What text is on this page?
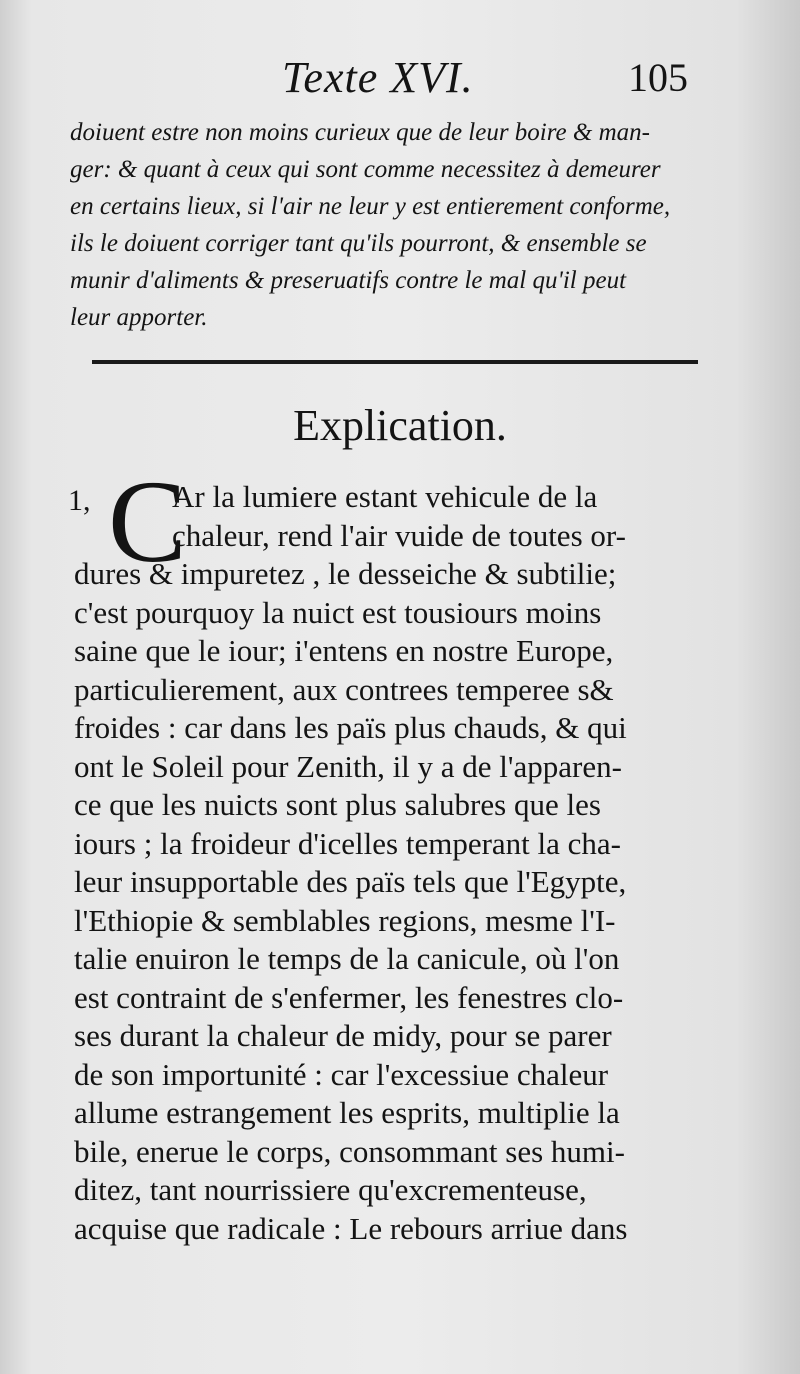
Texte XVI.	105
doiuent estre non moins curieux que de leur boire & man-
ger: & quant à ceux qui sont comme necessitez à demeurer
en certains lieux, si l'air ne leur y est entierement conforme,
ils le doiuent corriger tant qu'ils pourront, & ensemble se
munir d'aliments & preseruatifs contre le mal qu'il peut
leur apporter.
Explication.
1, C
Ar la lumiere estant vehicule de la
chaleur, rend l'air vuide de toutes or-
dures & impuretez , le desseiche & subtilie;
c'est pourquoy la nuict est tousiours moins
saine que le iour; i'entens en nostre Europe,
particulierement, aux contrees temperee s&
froides : car dans les païs plus chauds, & qui
ont le Soleil pour Zenith, il y a de l'apparen-
ce que les nuicts sont plus salubres que les
iours ; la froideur d'icelles temperant la cha-
leur insupportable des païs tels que l'Egypte,
l'Ethiopie & semblables regions, mesme l'I-
talie enuiron le temps de la canicule, où l'on
est contraint de s'enfermer, les fenestres clo-
ses durant la chaleur de midy, pour se parer
de son importunité : car l'excessiue chaleur
allume estrangement les esprits, multiplie la
bile, enerue le corps, consommant ses humi-
ditez, tant nourrissiere qu'excrementeuse,
acquise que radicale : Le rebours arriue dans
